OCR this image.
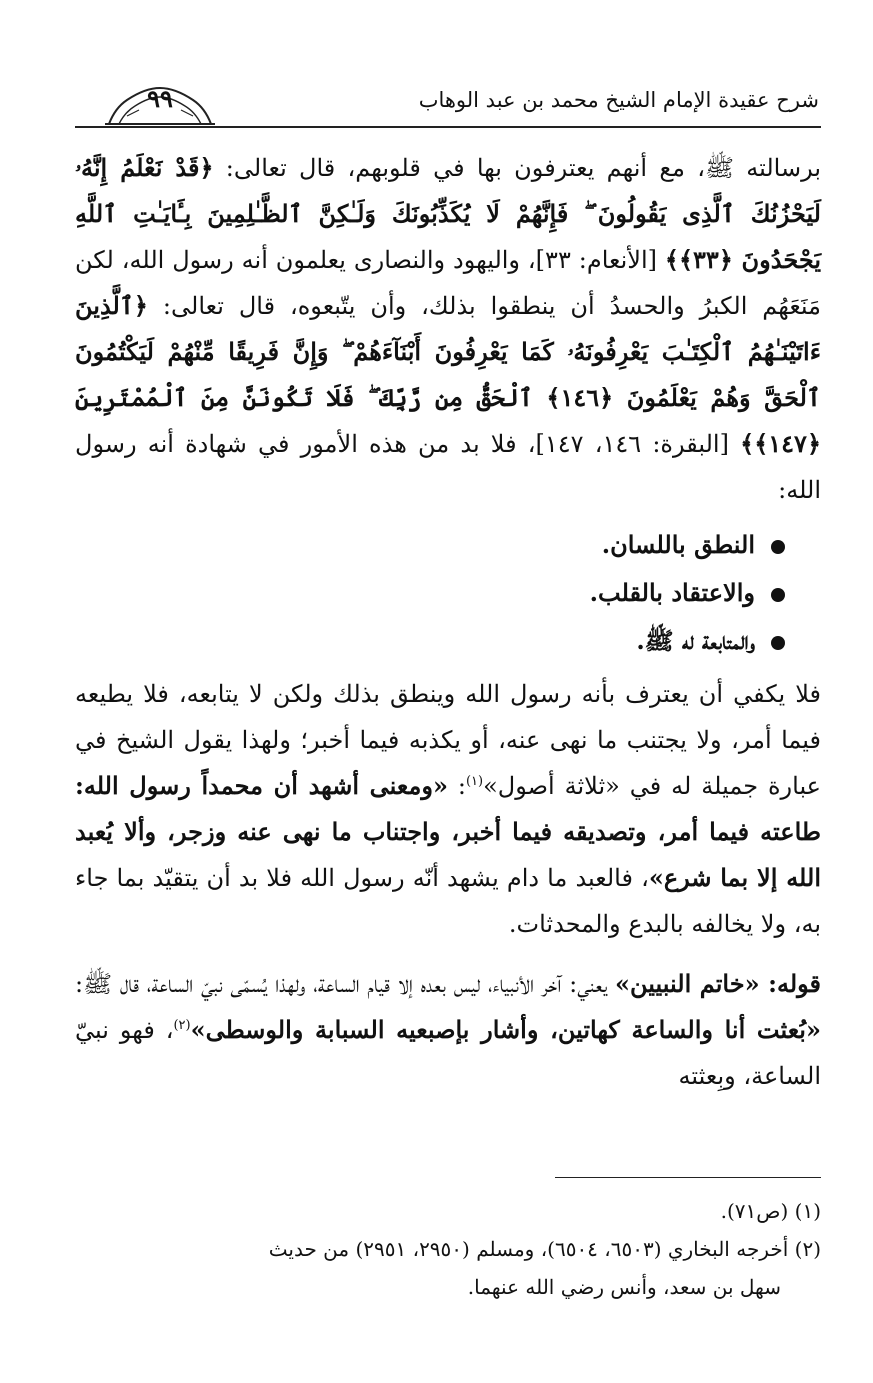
شرح عقيدة الإمام الشيخ محمد بن عبد الوهاب
٩٩

برسالته ﷺ، مع أنهم يعترفون بها في قلوبهم، قال تعالى: ﴿قَدْ نَعْلَمُ إِنَّهُۥ لَيَحْزُنُكَ ٱلَّذِى يَقُولُونَ ۖ فَإِنَّهُمْ لَا يُكَذِّبُونَكَ وَلَـٰكِنَّ ٱلظَّـٰلِمِينَ بِـَٔايَـٰتِ ٱللَّهِ يَجْحَدُونَ ﴿٣٣﴾﴾ [الأنعام: ٣٣]، واليهود والنصارى يعلمون أنه رسول الله، لكن مَنَعَهُم الكبرُ والحسدُ أن ينطقوا بذلك، وأن يتّبعوه، قال تعالى: ﴿ٱلَّذِينَ ءَاتَيْنَـٰهُمُ ٱلْكِتَـٰبَ يَعْرِفُونَهُۥ كَمَا يَعْرِفُونَ أَبْنَآءَهُمْ ۖ وَإِنَّ فَرِيقًا مِّنْهُمْ لَيَكْتُمُونَ ٱلْحَقَّ وَهُمْ يَعْلَمُونَ ﴿١٤٦﴾ ٱلْحَقُّ مِن رَّبِّكَ ۖ فَلَا تَكُونَنَّ مِنَ ٱلْمُمْتَرِينَ ﴿١٤٧﴾﴾ [البقرة: ١٤٦، ١٤٧]، فلا بد من هذه الأمور في شهادة أنه رسول الله:

النطق باللسان.
والاعتقاد بالقلب.
والمتابعة له ﷺ.

فلا يكفي أن يعترف بأنه رسول الله وينطق بذلك ولكن لا يتابعه، فلا يطيعه فيما أمر، ولا يجتنب ما نهى عنه، أو يكذبه فيما أخبر؛ ولهذا يقول الشيخ في عبارة جميلة له في «ثلاثة أصول»$^{(١)}$: «ومعنى أشهد أن محمداً رسول الله: طاعته فيما أمر، وتصديقه فيما أخبر، واجتناب ما نهى عنه وزجر، وألا يُعبد الله إلا بما شرع»، فالعبد ما دام يشهد أنّه رسول الله فلا بد أن يتقيّد بما جاء به، ولا يخالفه بالبدع والمحدثات.

قوله: «خاتم النبيين» يعني: آخر الأنبياء، ليس بعده إلا قيام الساعة، ولهذا يُسمّى نبيّ الساعة، قال ﷺ: «بُعثت أنا والساعة كهاتين، وأشار بإصبعيه السبابة والوسطى»$^{(٢)}$، فهو نبيّ الساعة، وبِعثته

(١) (ص٧١).

(٢) أخرجه البخاري (٦٥٠٣، ٦٥٠٤)، ومسلم (٢٩٥٠، ٢٩٥١) من حديث

سهل بن سعد، وأنس رضي الله عنهما.
